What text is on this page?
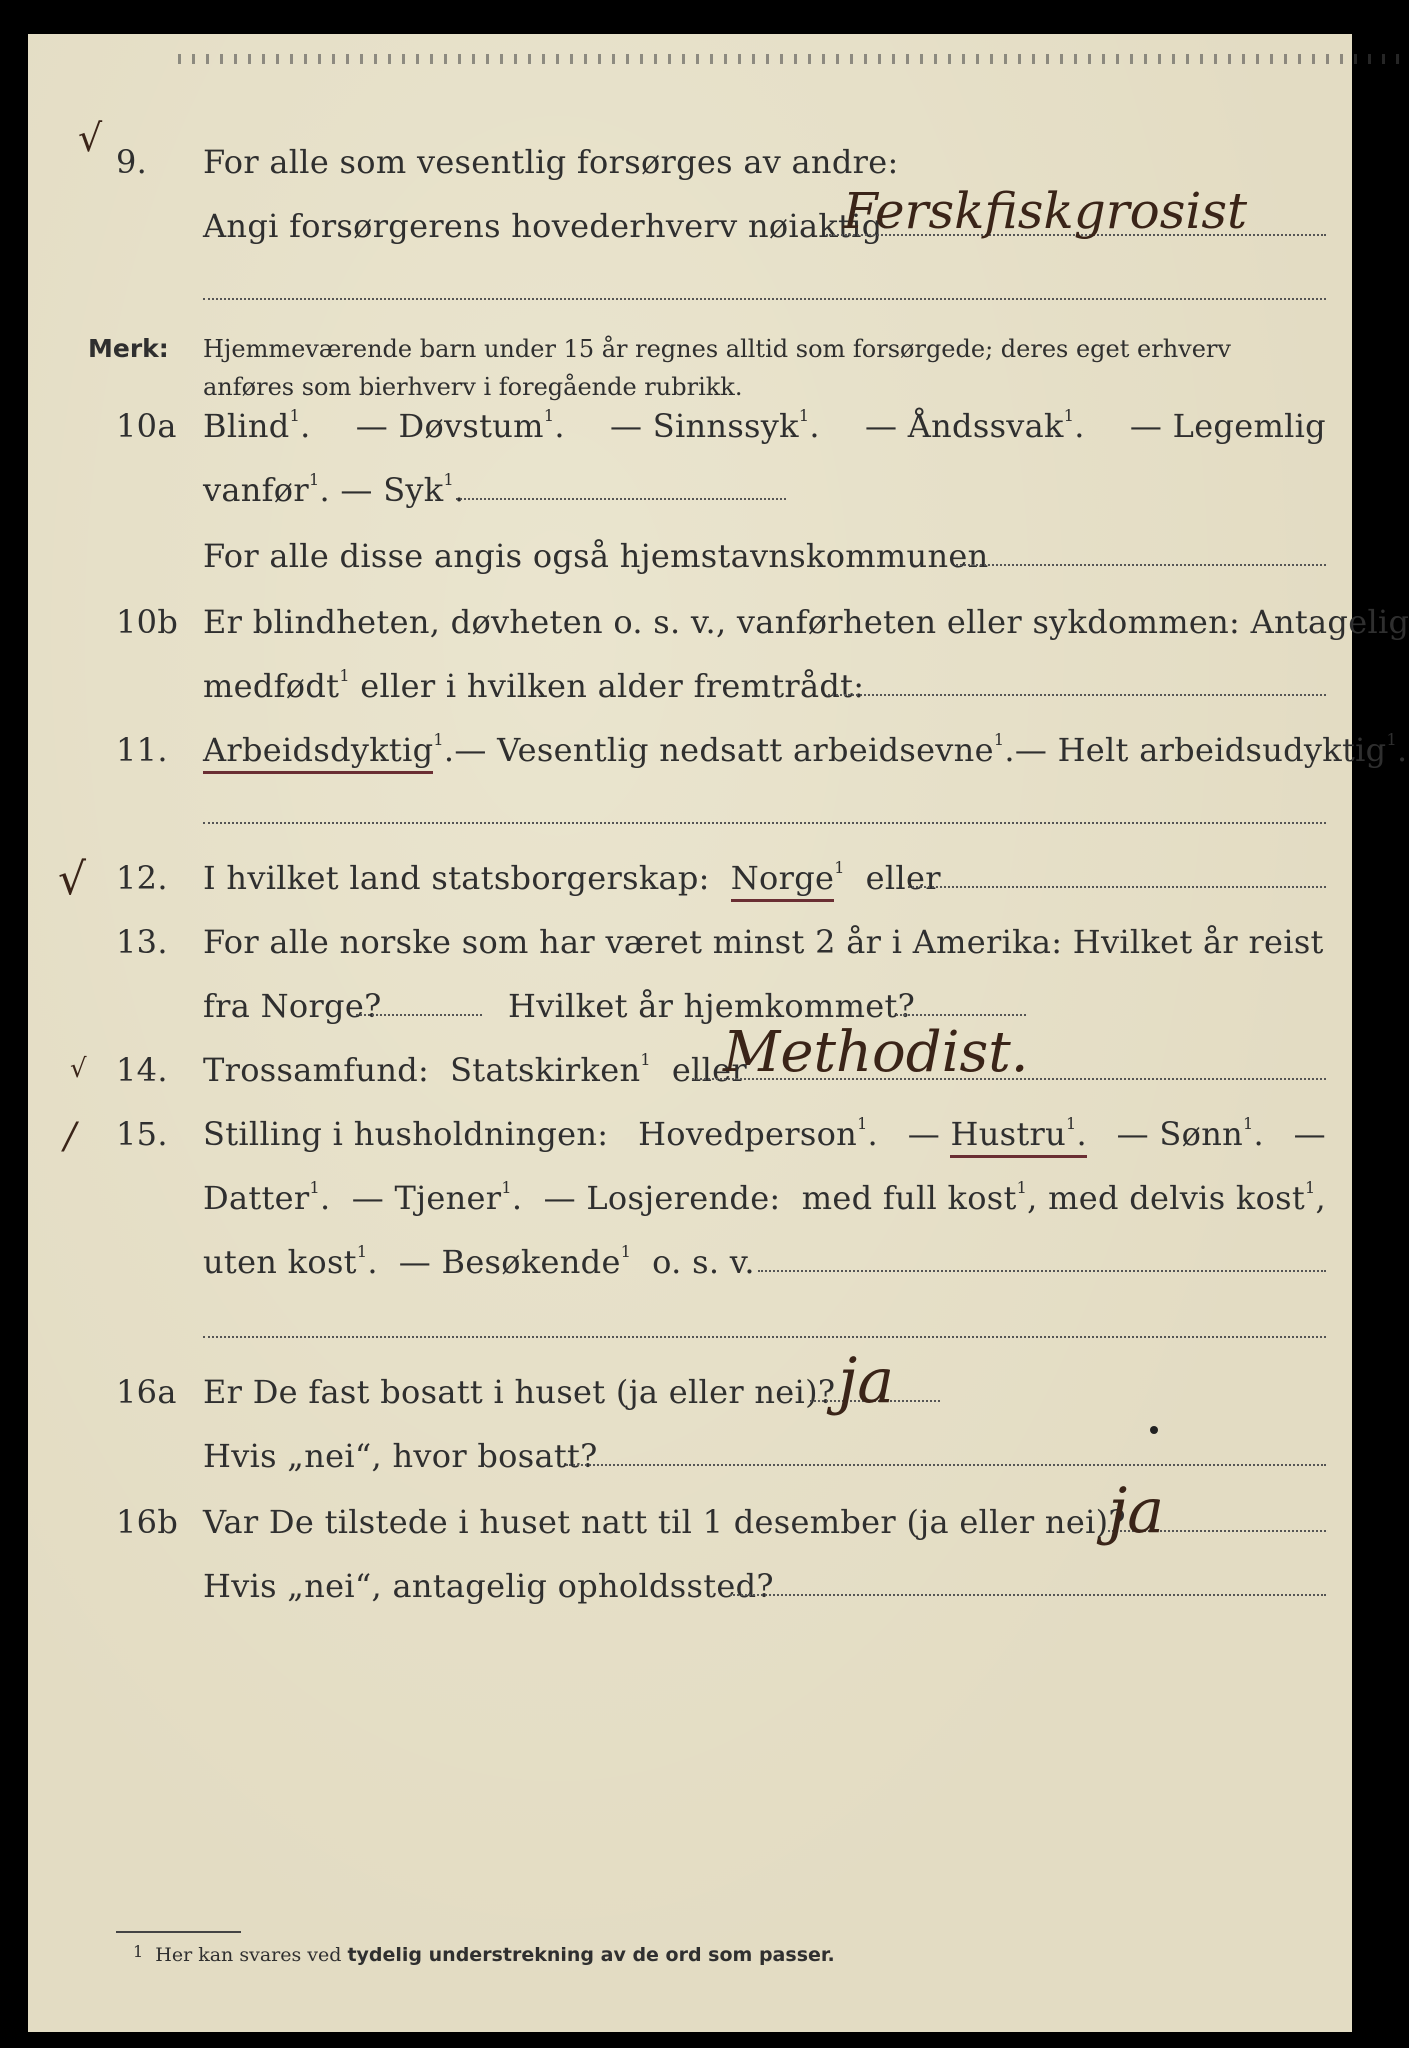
√
9. For alle som vesentlig forsørges av andre:
Angi forsørgerens hovederhverv nøiaktig
Ferskfiskgrosist
Merk: Hjemmeværende barn under 15 år regnes alltid som forsørgede; deres eget erhverv
anføres som bierhverv i foregående rubrikk.
10a Blind$^1$. — Døvstum$^1$. — Sinnssyk$^1$. — Åndssvak$^1$. — Legemlig
vanfør$^1$. — Syk$^1$.
For alle disse angis også hjemstavnskommunen
10b Er blindheten, døvheten o. s. v., vanførheten eller sykdommen: Antagelig
medfødt$^1$ eller i hvilken alder fremtrådt:
11. Arbeidsdyktig$^1$. — Vesentlig nedsatt arbeidsevne$^1$. — Helt arbeidsudyktig$^1$.
√ 12. I hvilket land statsborgerskap: Norge$^1$ eller
13. For alle norske som har været minst 2 år i Amerika: Hvilket år reist
fra Norge?	Hvilket år hjemkommet?
√ 14. Trossamfund: Statskirken$^1$ eller
Methodist.
/ 15. Stilling i husholdningen: Hovedperson$^1$. — Hustru$^1$. — Sønn$^1$. —
Datter$^1$. — Tjener$^1$. — Losjerende: med full kost$^1$, med delvis kost$^1$,
uten kost$^1$.  — Besøkende$^1$ o. s. v.
16a Er De fast bosatt i huset (ja eller nei)? ja
Hvis „nei“, hvor bosatt?
16b Var De tilstede i huset natt til 1 desember (ja eller nei)?
ja
Hvis „nei“, antagelig opholdssted?
$^1$ Her kan svares ved tydelig understrekning av de ord som passer.
